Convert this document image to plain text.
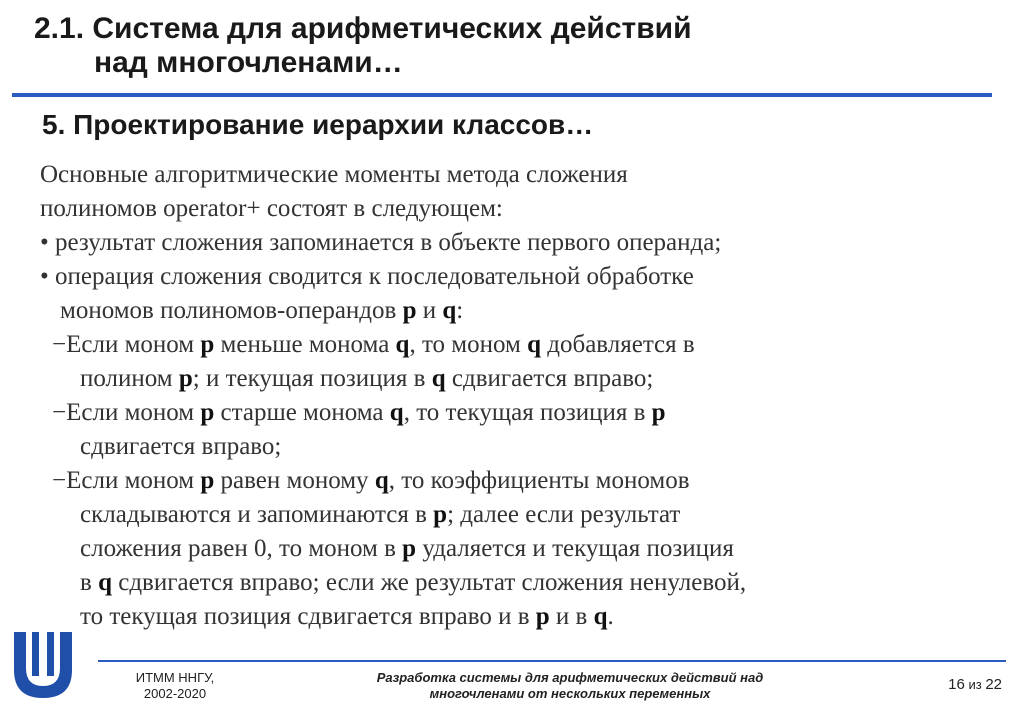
2.1. Система для арифметических действий
над многочленами…
5. Проектирование иерархии классов…
Основные алгоритмические моменты метода сложения
полиномов operator+ состоят в следующем:
• результат сложения запоминается в объекте первого операнда;
• операция сложения сводится к последовательной обработке
мономов полиномов-операндов p и q:
−Если моном p меньше монома q, то моном q добавляется в
полином p; и текущая позиция в q сдвигается вправо;
−Если моном p старше монома q, то текущая позиция в p
сдвигается вправо;
−Если моном p равен моному q, то коэффициенты мономов
складываются и запоминаются в p; далее если результат
сложения равен 0, то моном в p удаляется и текущая позиция
в q сдвигается вправо; если же результат сложения ненулевой,
то текущая позиция сдвигается вправо и в p и в q.
ИТММ ННГУ,
2002-2020
Разработка системы для арифметических действий над
многочленами от нескольких переменных
16 из 22
